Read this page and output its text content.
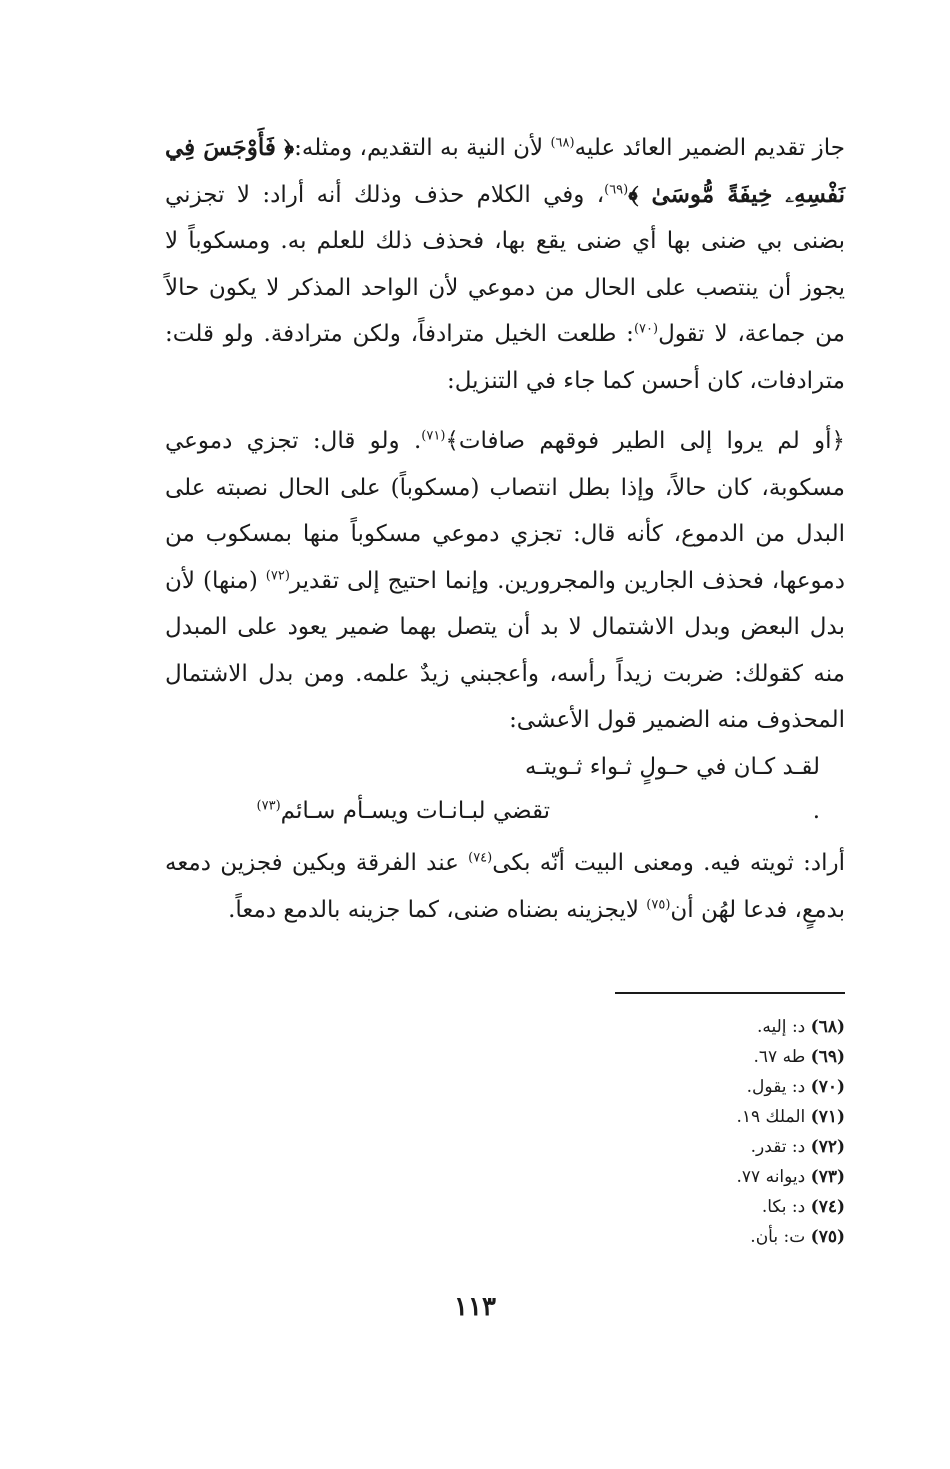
جاز تقديم الضمير العائد عليه$^{(٦٨)}$ لأن النية به التقديم، ومثله:﴿ فَأَوْجَسَ فِي نَفْسِهِۦ خِيفَةً مُّوسَىٰ ﴾$^{(٦٩)}$، وفي الكلام حذف وذلك أنه أراد: لا تجزني بضنى بي ضنى بها أي ضنى يقع بها، فحذف ذلك للعلم به. ومسكوباً لا يجوز أن ينتصب على الحال من دموعي لأن الواحد المذكر لا يكون حالاً من جماعة، لا تقول$^{(٧٠)}$: طلعت الخيل مترادفاً، ولكن مترادفة. ولو قلت: مترادفات، كان أحسن كما جاء في التنزيل:

﴿أو لم يروا إلى الطير فوقهم صافات﴾$^{(٧١)}$. ولو قال: تجزي دموعي مسكوبة، كان حالاً، وإذا بطل انتصاب (مسكوباً) على الحال نصبته على البدل من الدموع، كأنه قال: تجزي دموعي مسكوباً منها بمسكوب من دموعها، فحذف الجارين والمجرورين. وإنما احتيج إلى تقدير$^{(٧٢)}$ (منها) لأن بدل البعض وبدل الاشتمال لا بد أن يتصل بهما ضمير يعود على المبدل منه كقولك: ضربت زيداً رأسه، وأعجبني زيدٌ علمه. ومن بدل الاشتمال المحذوف منه الضمير قول الأعشى:

لقـد كـان في حـولٍ ثـواء ثـويتـه
تقضي لبـانـات ويسـأم سـائم$^{(٧٣)}$	.

أراد: ثويته فيه. ومعنى البيت أنّه بكى$^{(٧٤)}$ عند الفرقة وبكين فجزين دمعه بدمعٍ، فدعا لهُن أن$^{(٧٥)}$ لايجزينه بضناه ضنى، كما جزينه بالدمع دمعاً.

(٦٨) د: إليه.
(٦٩) طه ٦٧.
(٧٠) د: يقول.
(٧١) الملك ١٩.
(٧٢) د: تقدر.
(٧٣) ديوانه ٧٧.
(٧٤) د: بكا.
(٧٥) ت: بأن.
١١٣
